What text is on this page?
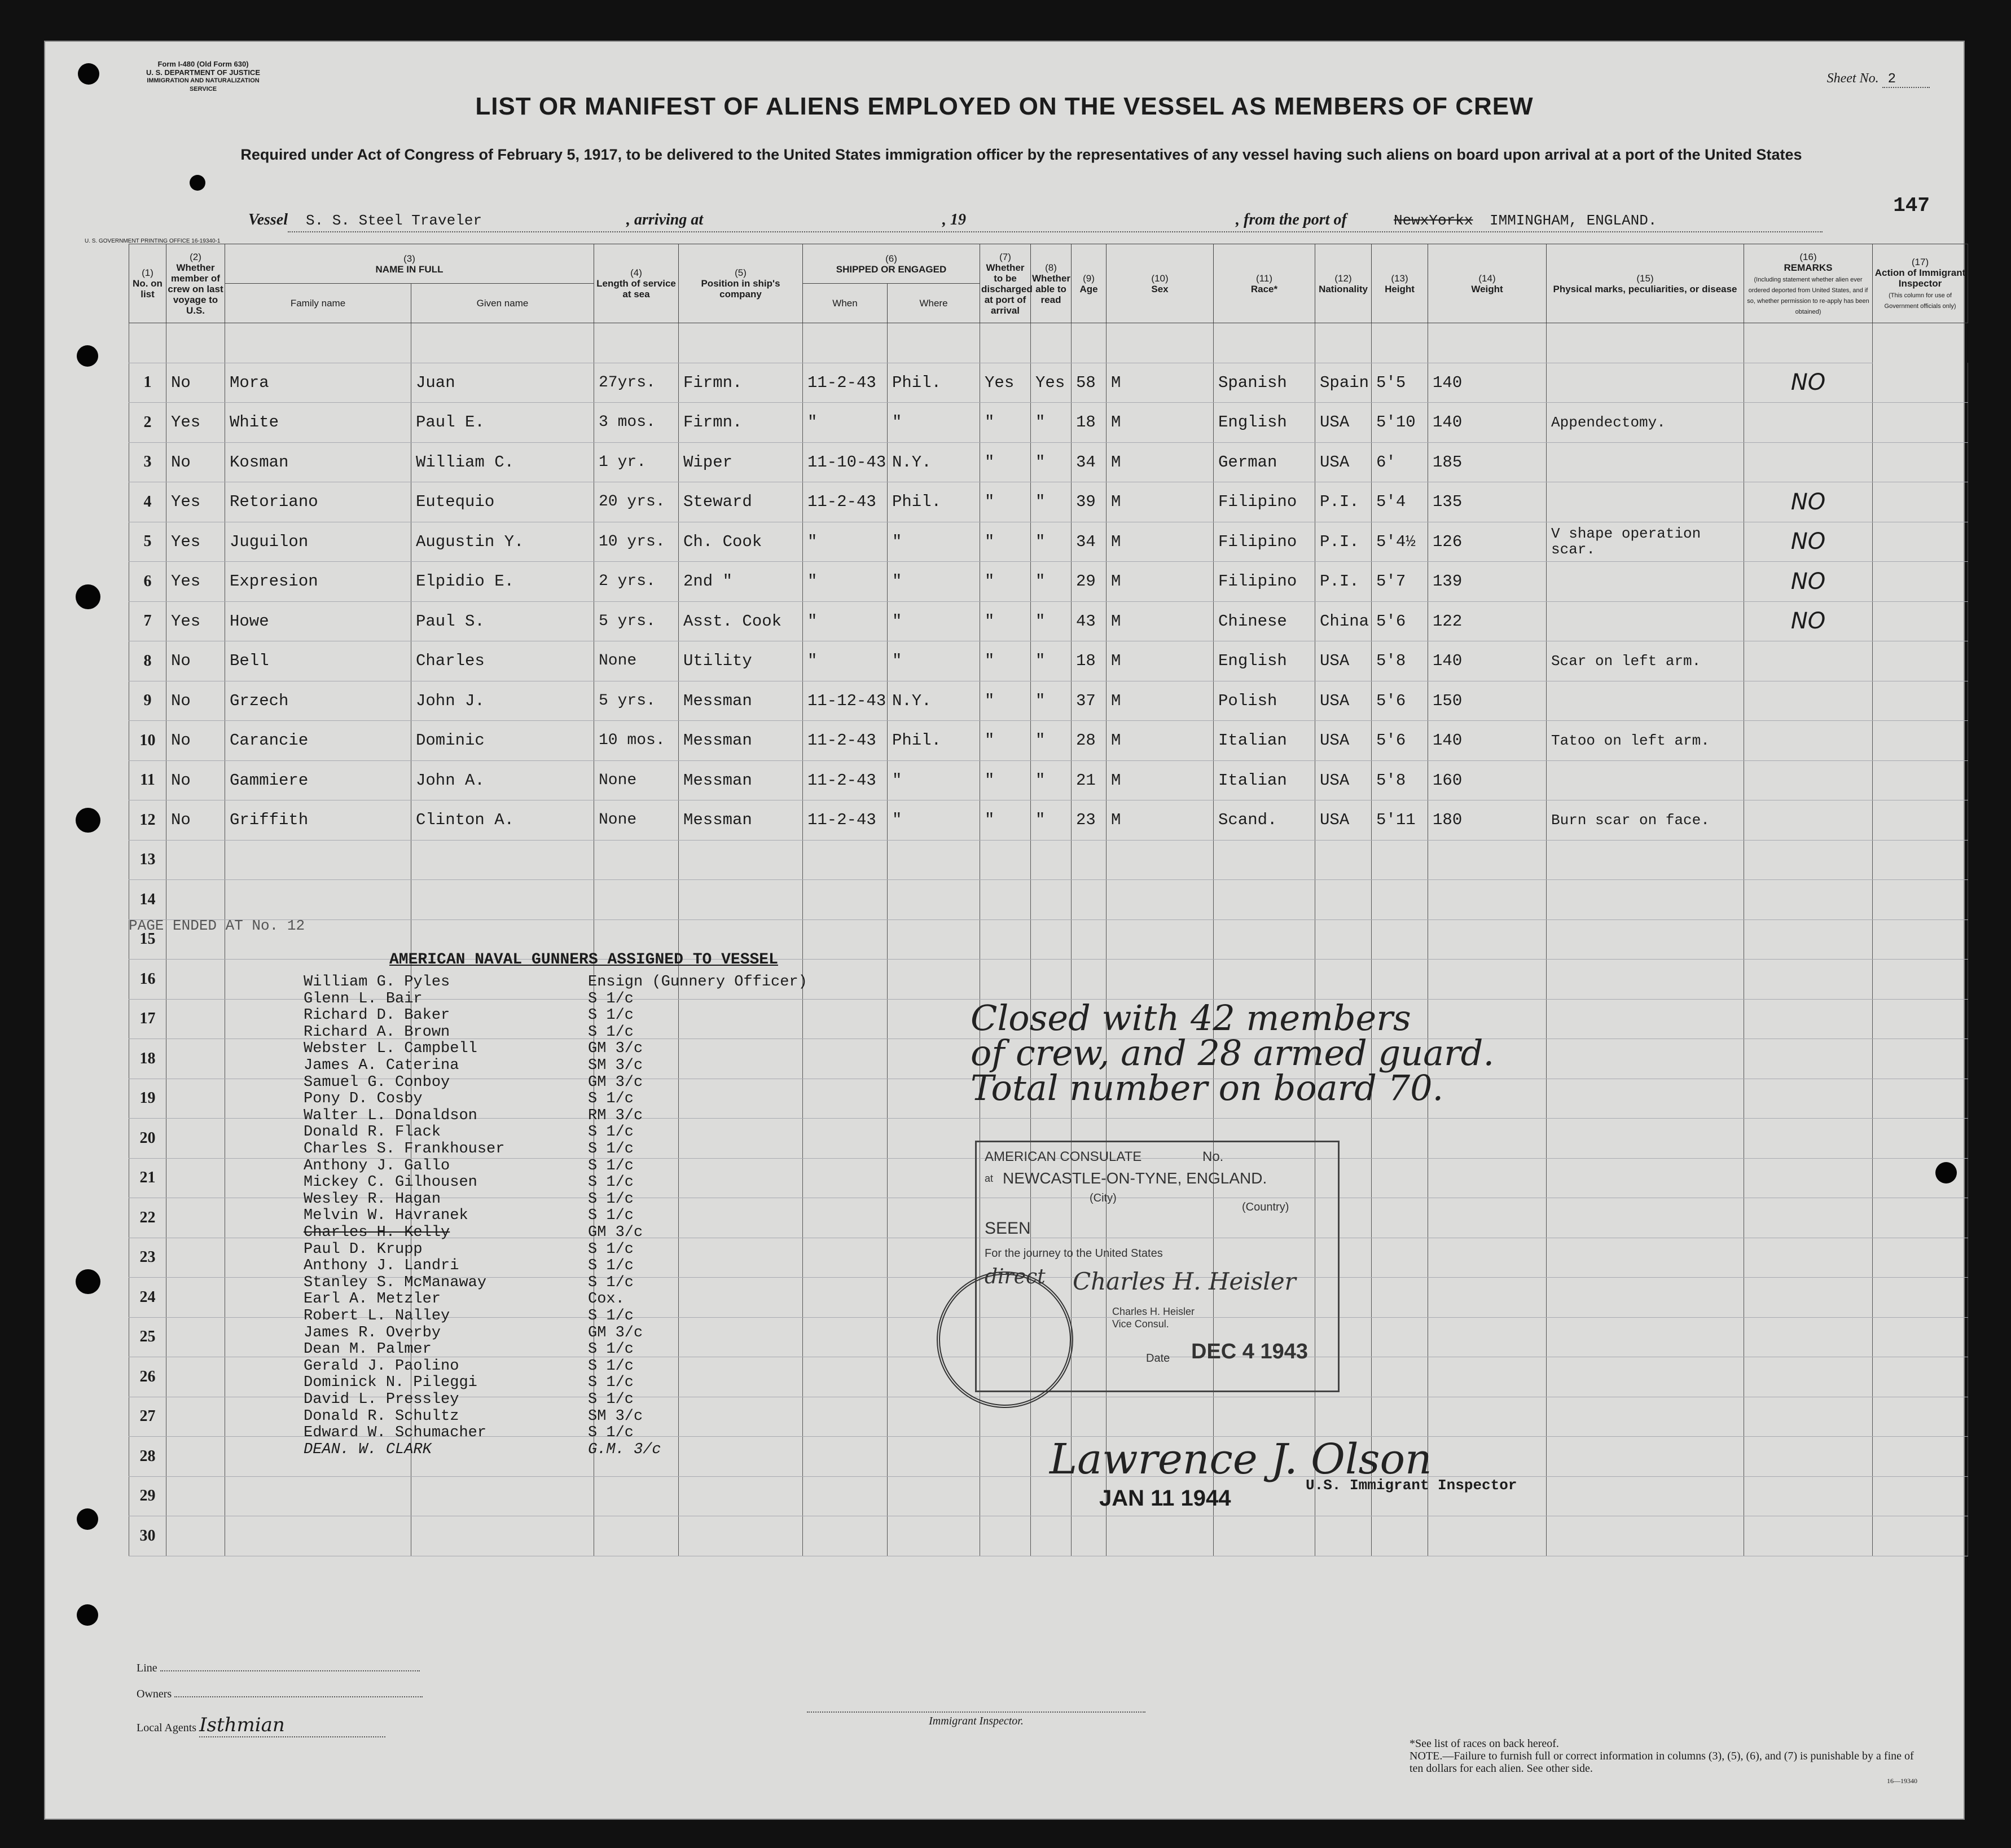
Form I-480 (Old Form 630)
U. S. DEPARTMENT OF JUSTICE
IMMIGRATION AND NATURALIZATION SERVICE
Sheet No. 2
LIST OR MANIFEST OF ALIENS EMPLOYED ON THE VESSEL AS MEMBERS OF CREW
Required under Act of Congress of February 5, 1917, to be delivered to the United States immigration officer by the representatives of any vessel having such aliens on board upon arrival at a port of the United States
147
Vessel S. S. Steel Traveler	, arriving at	, 19	, from the port of	NewxYorkx IMMINGHAM, ENGLAND.
U. S. GOVERNMENT PRINTING OFFICE 16-19340-1
(1)
No. on list	(2)
Whether member of crew on last voyage to U.S.	(3)
NAME IN FULL		(4)
Length of service at sea	(5)
Position in ship's company	(6)
SHIPPED OR ENGAGED		(7)
Whether to be discharged at port of arrival	(8)
Whether able to read	(9)
Age	(10)
Sex	(11)
Race*	(12)
Nationality	(13)
Height	(14)
Weight	(15)
Physical marks, peculiarities, or disease	(16)
REMARKS
(Including statement whether alien ever ordered deported from United States, and if so, whether permission to re-apply has been obtained)	(17)
Action of Immigrant Inspector
(This column for use of Government officials only)
		Family name	Given name			When	Where											

1	No	Mora	Juan	27yrs.	Firmn.	11-2-43	Phil.	Yes	Yes	58	M	Spanish	Spain	5'5	140		NO	
2	Yes	White	Paul E.	3 mos.	Firmn.	"	"	"	"	18	M	English	USA	5'10	140	Appendectomy.		
3	No	Kosman	William C.	1 yr.	Wiper	11-10-43	N.Y.	"	"	34	M	German	USA	6'	185			
4	Yes	Retoriano	Eutequio	20 yrs.	Steward	11-2-43	Phil.	"	"	39	M	Filipino	P.I.	5'4	135		NO	
5	Yes	Juguilon	Augustin Y.	10 yrs.	Ch. Cook	"	"	"	"	34	M	Filipino	P.I.	5'4½	126	V shape operation scar.	NO	
6	Yes	Expresion	Elpidio E.	2 yrs.	2nd "	"	"	"	"	29	M	Filipino	P.I.	5'7	139		NO	
7	Yes	Howe	Paul S.	5 yrs.	Asst. Cook	"	"	"	"	43	M	Chinese	China	5'6	122		NO	
8	No	Bell	Charles	None	Utility	"	"	"	"	18	M	English	USA	5'8	140	Scar on left arm.		
9	No	Grzech	John J.	5 yrs.	Messman	11-12-43	N.Y.	"	"	37	M	Polish	USA	5'6	150			
10	No	Carancie	Dominic	10 mos.	Messman	11-2-43	Phil.	"	"	28	M	Italian	USA	5'6	140	Tatoo on left arm.		
11	No	Gammiere	John A.	None	Messman	11-2-43	"	"	"	21	M	Italian	USA	5'8	160			
12	No	Griffith	Clinton A.	None	Messman	11-2-43	"	"	"	23	M	Scand.	USA	5'11	180	Burn scar on face.		
13																		
14																		
15																		
16																		
17																		
18																		
19																		
20																		
21																		
22																		
23																		
24																		
25																		
26																		
27																		
28																		
29																		
30																		
PAGE ENDED AT No. 12
AMERICAN NAVAL GUNNERS ASSIGNED TO VESSEL
William G. Pyles	Ensign (Gunnery Officer)
Glenn L. Bair	S 1/c
Richard D. Baker	S 1/c
Richard A. Brown	S 1/c
Webster L. Campbell	GM 3/c
James A. Caterina	SM 3/c
Samuel G. Conboy	GM 3/c
Pony D. Cosby	S 1/c
Walter L. Donaldson	RM 3/c
Donald R. Flack	S 1/c
Charles S. Frankhouser	S 1/c
Anthony J. Gallo	S 1/c
Mickey C. Gilhousen	S 1/c
Wesley R. Hagan	S 1/c
Melvin W. Havranek	S 1/c
Charles H. Kelly	GM 3/c
Paul D. Krupp	S 1/c
Anthony J. Landri	S 1/c
Stanley S. McManaway	S 1/c
Earl A. Metzler	Cox.
Robert L. Nalley	S 1/c
James R. Overby	GM 3/c
Dean M. Palmer	S 1/c
Gerald J. Paolino	S 1/c
Dominick N. Pileggi	S 1/c
David L. Pressley	S 1/c
Donald R. Schultz	SM 3/c
Edward W. Schumacher	S 1/c
DEAN. W. CLARK	G.M. 3/c
Closed with 42 members
of crew, and 28 armed guard.
Total number on board 70.
AMERICAN CONSULATE	No.
at NEWCASTLE-ON-TYNE, ENGLAND.
(City)
(Country)
SEEN
For the journey to the United States
direct Charles H. Heisler
Charles H. Heisler
Vice Consul.
Date DEC 4 1943
Lawrence J. Olson
JAN 11 1944
U.S. Immigrant Inspector
Line
Owners
Local Agents Isthmian	Immigrant Inspector.
*See list of races on back hereof.
NOTE.—Failure to furnish full or correct information in columns (3), (5), (6), and (7) is punishable by a fine of ten dollars for each alien. See other side.
16—19340
